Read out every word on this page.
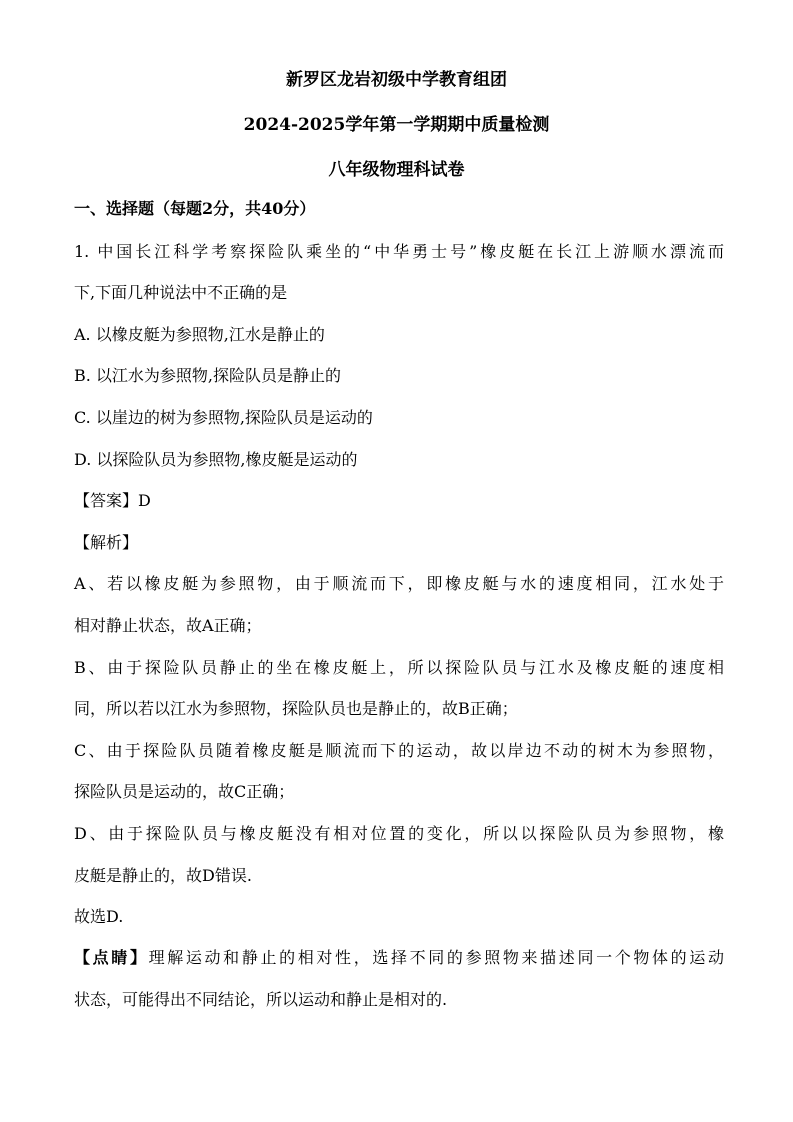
新罗区龙岩初级中学教育组团
2024-2025学年第一学期期中质量检测
八年级物理科试卷
一、选择题（每题2分，共40分）
1. 中国长江科学考察探险队乘坐的“中华勇士号”橡皮艇在长江上游顺水漂流而
下,下面几种说法中不正确的是
A. 以橡皮艇为参照物,江水是静止的
B. 以江水为参照物,探险队员是静止的
C. 以崖边的树为参照物,探险队员是运动的
D. 以探险队员为参照物,橡皮艇是运动的
【答案】D
【解析】
A、若以橡皮艇为参照物，由于顺流而下，即橡皮艇与水的速度相同，江水处于
相对静止状态，故A正确；
B、由于探险队员静止的坐在橡皮艇上，所以探险队员与江水及橡皮艇的速度相
同，所以若以江水为参照物，探险队员也是静止的，故B正确；
C、由于探险队员随着橡皮艇是顺流而下的运动，故以岸边不动的树木为参照物，
探险队员是运动的，故C正确；
D、由于探险队员与橡皮艇没有相对位置的变化，所以以探险队员为参照物，橡
皮艇是静止的，故D错误.
故选D.
【点睛】理解运动和静止的相对性，选择不同的参照物来描述同一个物体的运动
状态，可能得出不同结论，所以运动和静止是相对的.
